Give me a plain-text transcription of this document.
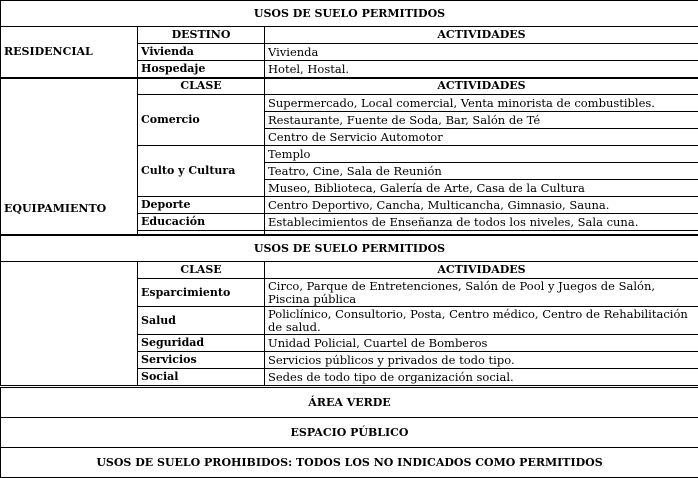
USOS DE SUELO PERMITIDOS		
RESIDENCIAL	DESTINO	ACTIVIDADES
	Vivienda	Vivienda
	Hospedaje	Hotel, Hostal.
EQUIPAMIENTO	CLASE	ACTIVIDADES
	Comercio	Supermercado, Local comercial, Venta minorista de combustibles.
		Restaurante, Fuente de Soda, Bar, Salón de Té
		Centro de Servicio Automotor
	Culto y Cultura	Templo
		Teatro, Cine, Sala de Reunión
		Museo, Biblioteca, Galería de Arte, Casa de la Cultura
	Deporte	Centro Deportivo, Cancha, Multicancha, Gimnasio, Sauna.
	Educación	Establecimientos de Enseñanza de todos los niveles, Sala cuna.

USOS DE SUELO PERMITIDOS		
	CLASE	ACTIVIDADES
	Esparcimiento	Circo, Parque de Entretenciones, Salón de Pool y Juegos de Salón, Piscina pública
	Salud	Policlínico, Consultorio, Posta, Centro médico, Centro de Rehabilitación de salud.
	Seguridad	Unidad Policial, Cuartel de Bomberos
	Servicios	Servicios públicos y privados de todo tipo.
	Social	Sedes de todo tipo de organización social.
ÁREA VERDE
ESPACIO PÚBLICO
USOS DE SUELO PROHIBIDOS: TODOS LOS NO INDICADOS COMO PERMITIDOS
